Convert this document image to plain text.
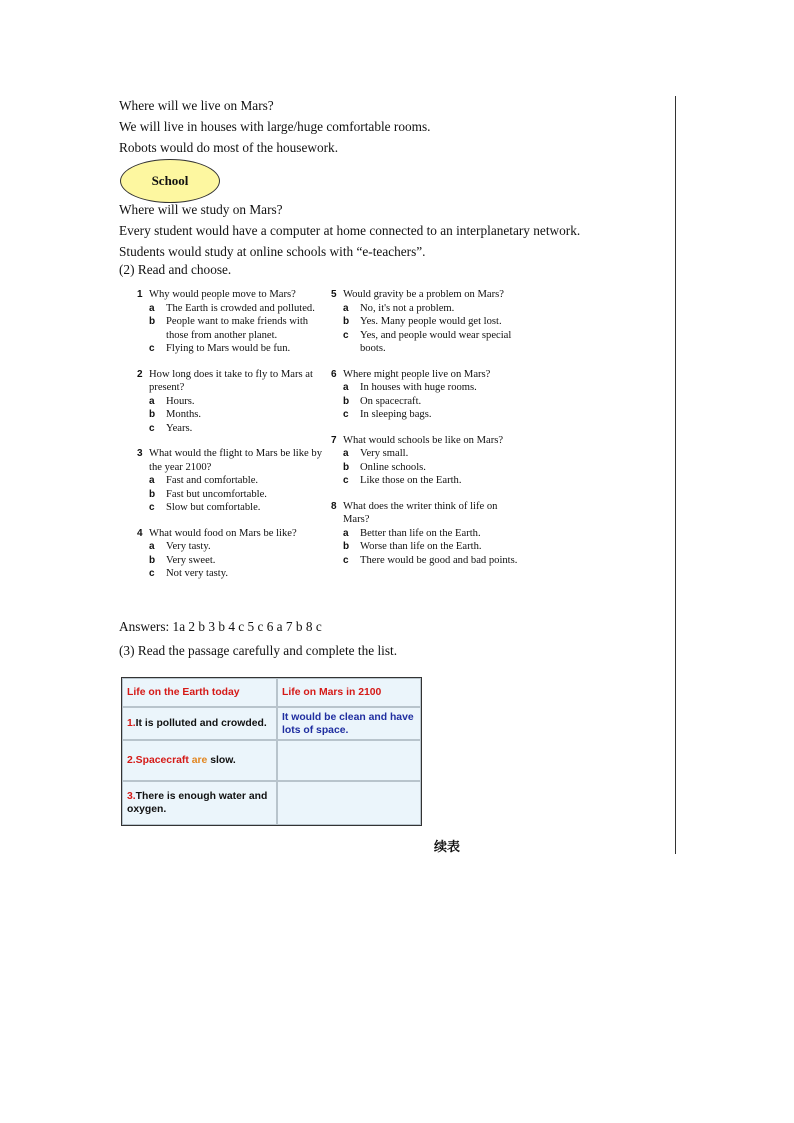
Where will we live on Mars?
We will live in houses with large/huge comfortable rooms.
Robots would do most of the housework.
School
Where will we study on Mars?
Every student would have a computer at home connected to an interplanetary network.
Students would study at online schools with “e-teachers”.
(2) Read and choose.
1 Why would people move to Mars?
a The Earth is crowded and polluted.
b People want to make friends with those from another planet.
c Flying to Mars would be fun.
2 How long does it take to fly to Mars at present?
a Hours.
b Months.
c Years.
3 What would the flight to Mars be like by the year 2100?
a Fast and comfortable.
b Fast but uncomfortable.
c Slow but comfortable.
4 What would food on Mars be like?
a Very tasty.
b Very sweet.
c Not very tasty.
5 Would gravity be a problem on Mars?
a No, it's not a problem.
b Yes. Many people would get lost.
c Yes, and people would wear special boots.
6 Where might people live on Mars?
a In houses with huge rooms.
b On spacecraft.
c In sleeping bags.
7 What would schools be like on Mars?
a Very small.
b Online schools.
c Like those on the Earth.
8 What does the writer think of life on Mars?
a Better than life on the Earth.
b Worse than life on the Earth.
c There would be good and bad points.
Answers: 1a 2 b 3 b 4 c 5 c 6 a 7 b 8 c
(3) Read the passage carefully and complete the list.
Life on the Earth today	Life on Mars in 2100
1.It is polluted and crowded.
It would be clean and have lots of space.
2.Spacecraft are slow.
3.There is enough water and oxygen.
续表
